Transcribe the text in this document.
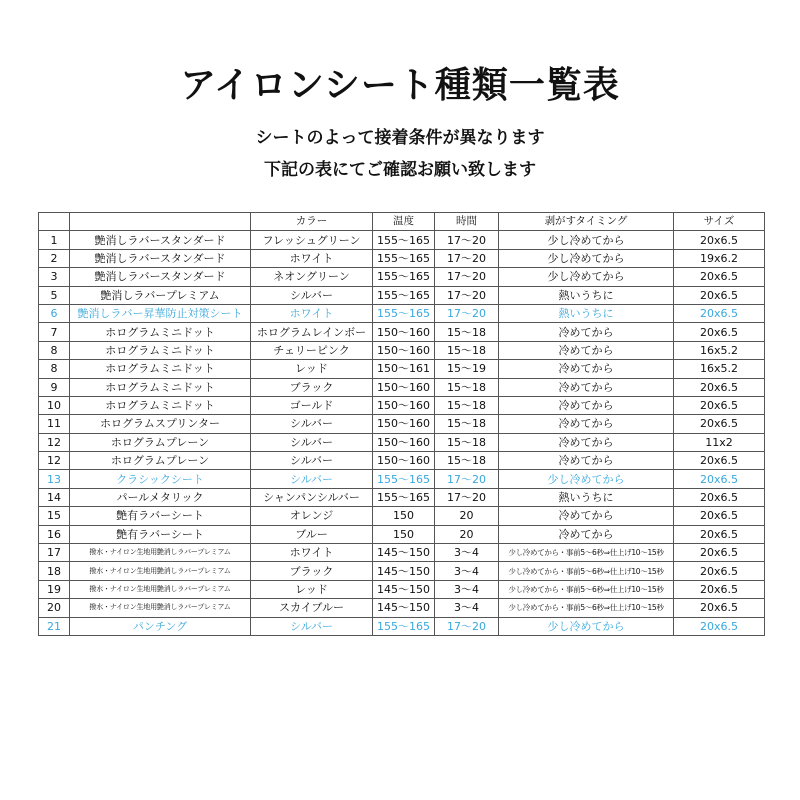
アイロンシート種類一覧表
シートのよって接着条件が異なります
下記の表にてご確認お願い致します
		カラー	温度	時間	剥がすタイミング	サイズ
1	艶消しラバースタンダード	フレッシュグリーン	155〜165	17〜20	少し冷めてから	20x6.5
2	艶消しラバースタンダード	ホワイト	155〜165	17〜20	少し冷めてから	19x6.2
3	艶消しラバースタンダード	ネオングリーン	155〜165	17〜20	少し冷めてから	20x6.5
5	艶消しラバープレミアム	シルバー	155〜165	17〜20	熱いうちに	20x6.5
6	艶消しラバー昇華防止対策シート	ホワイト	155〜165	17〜20	熱いうちに	20x6.5
7	ホログラムミニドット	ホログラムレインボー	150〜160	15〜18	冷めてから	20x6.5
8	ホログラムミニドット	チェリーピンク	150〜160	15〜18	冷めてから	16x5.2
8	ホログラムミニドット	レッド	150〜161	15〜19	冷めてから	16x5.2
9	ホログラムミニドット	ブラック	150〜160	15〜18	冷めてから	20x6.5
10	ホログラムミニドット	ゴールド	150〜160	15〜18	冷めてから	20x6.5
11	ホログラムスプリンター	シルバー	150〜160	15〜18	冷めてから	20x6.5
12	ホログラムプレーン	シルバー	150〜160	15〜18	冷めてから	11x2
12	ホログラムプレーン	シルバー	150〜160	15〜18	冷めてから	20x6.5
13	クラシックシート	シルバー	155〜165	17〜20	少し冷めてから	20x6.5
14	パールメタリック	シャンパンシルバー	155〜165	17〜20	熱いうちに	20x6.5
15	艶有ラバーシート	オレンジ	150	20	冷めてから	20x6.5
16	艶有ラバーシート	ブルー	150	20	冷めてから	20x6.5
17	撥水・ナイロン生地用艶消しラバープレミアム	ホワイト	145〜150	3〜4	少し冷めてから・事前5〜6秒⇒仕上げ10〜15秒	20x6.5
18	撥水・ナイロン生地用艶消しラバープレミアム	ブラック	145〜150	3〜4	少し冷めてから・事前5〜6秒⇒仕上げ10〜15秒	20x6.5
19	撥水・ナイロン生地用艶消しラバープレミアム	レッド	145〜150	3〜4	少し冷めてから・事前5〜6秒⇒仕上げ10〜15秒	20x6.5
20	撥水・ナイロン生地用艶消しラバープレミアム	スカイブルー	145〜150	3〜4	少し冷めてから・事前5〜6秒⇒仕上げ10〜15秒	20x6.5
21	パンチング	シルバー	155〜165	17〜20	少し冷めてから	20x6.5
